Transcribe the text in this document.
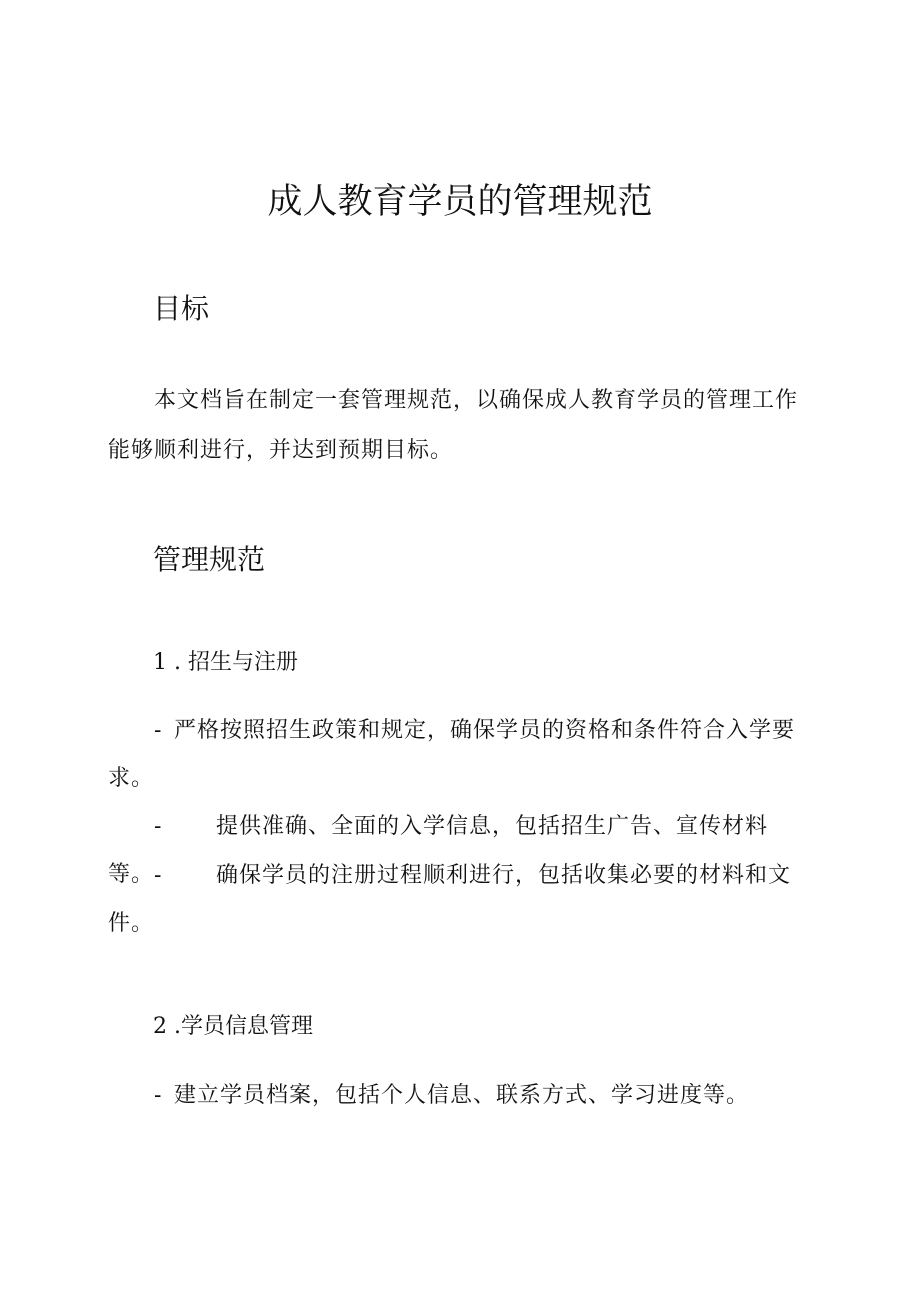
成人教育学员的管理规范
目标

本文档旨在制定一套管理规范，以确保成人教育学员的管理工作能够顺利进行，并达到预期目标。

管理规范

1 . 招生与注册

- 严格按照招生政策和规定，确保学员的资格和条件符合入学要求。

- 提供准确、全面的入学信息，包括招生广告、宣传材料等。 - 确保学员的注册过程顺利进行，包括收集必要的材料和文件。

2 .学员信息管理

- 建立学员档案，包括个人信息、联系方式、学习进度等。
